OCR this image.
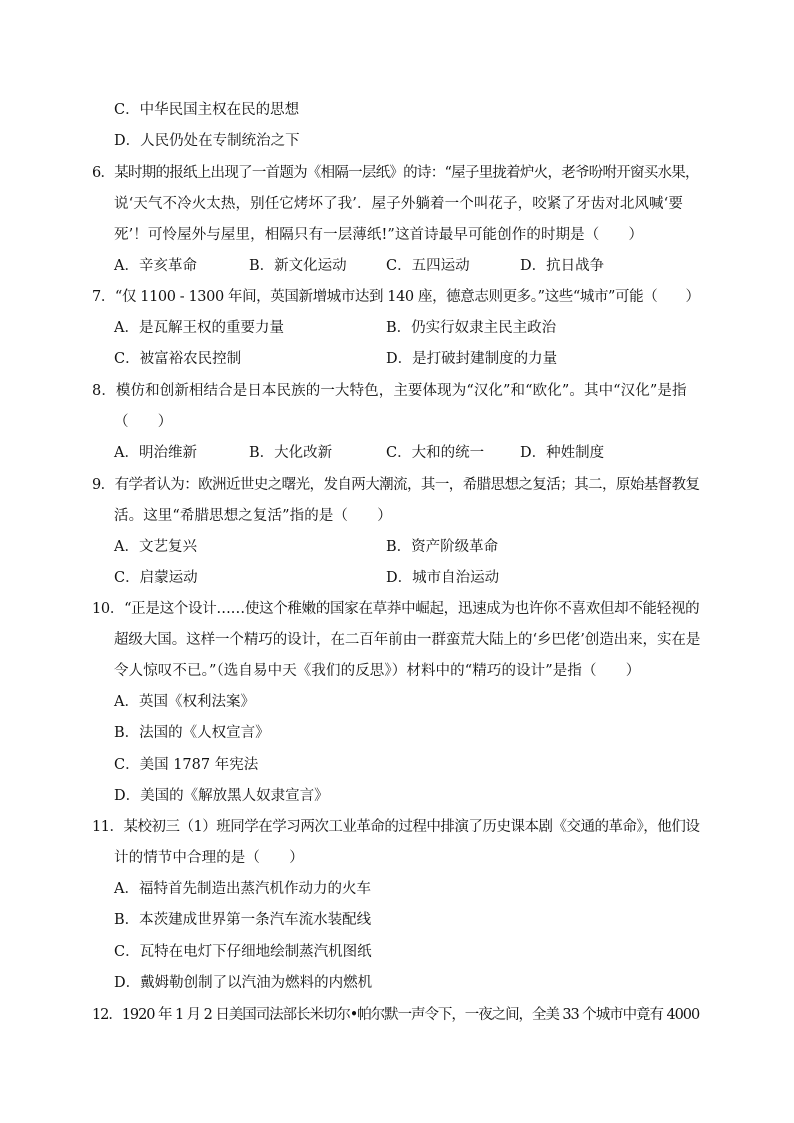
C．中华民国主权在民的思想
D．人民仍处在专制统治之下
6．某时期的报纸上出现了一首题为《相隔一层纸》的诗：“屋子里拢着炉火，老爷吩咐开窗买水果，
说‘天气不冷火太热，别任它烤坏了我’．屋子外躺着一个叫花子，咬紧了牙齿对北风喊‘要
死’！可怜屋外与屋里，相隔只有一层薄纸!”这首诗最早可能创作的时期是（　　）
A．辛亥革命	B．新文化运动	C．五四运动	D．抗日战争
7．“仅 1100 - 1300 年间，英国新增城市达到 140 座，德意志则更多。”这些“城市”可能（　　）
A．是瓦解王权的重要力量	B．仍实行奴隶主民主政治
C．被富裕农民控制	D．是打破封建制度的力量
8．模仿和创新相结合是日本民族的一大特色，主要体现为“汉化”和“欧化”。其中“汉化”是指
（　　）
A．明治维新	B．大化改新	C．大和的统一 D．种姓制度
9．有学者认为：欧洲近世史之曙光，发自两大潮流，其一，希腊思想之复活；其二，原始基督教复
活。这里“希腊思想之复活”指的是（　　）
A．文艺复兴	B．资产阶级革命
C．启蒙运动	D．城市自治运动
10．“正是这个设计……使这个稚嫩的国家在草莽中崛起，迅速成为也许你不喜欢但却不能轻视的
超级大国。这样一个精巧的设计，在二百年前由一群蛮荒大陆上的‘乡巴佬’创造出来，实在是
令人惊叹不已。”（选自易中天《我们的反思》）材料中的“精巧的设计”是指（　　）
A．英国《权利法案》
B．法国的《人权宣言》
C．美国 1787 年宪法
D．美国的《解放黑人奴隶宣言》
11．某校初三（1）班同学在学习两次工业革命的过程中排演了历史课本剧《交通的革命》，他们设
计的情节中合理的是（　　）
A．福特首先制造出蒸汽机作动力的火车
B．本茨建成世界第一条汽车流水装配线
C．瓦特在电灯下仔细地绘制蒸汽机图纸
D．戴姆勒创制了以汽油为燃料的内燃机
12．1920 年 1 月 2 日美国司法部长米切尔•帕尔默一声令下，一夜之间，全美 33 个城市中竟有 4000
